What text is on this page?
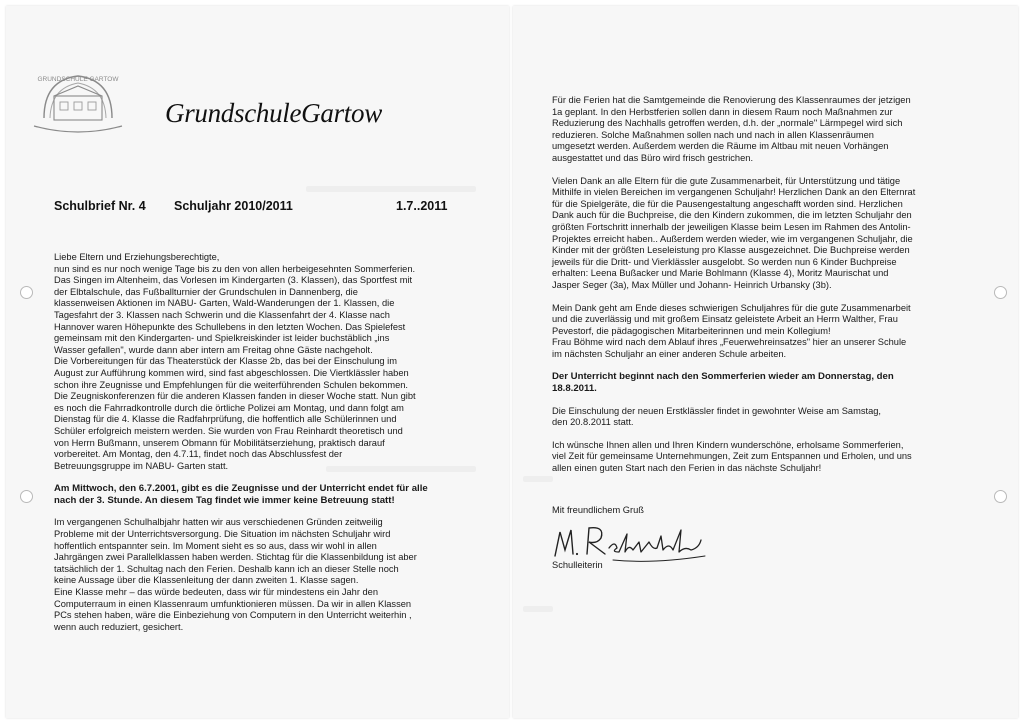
GRUNDSCHULE GARTOW
GrundschuleGartow
Schulbrief Nr. 4 Schuljahr 2010/2011	1.7..2011

Liebe Eltern und Erziehungsberechtigte,
nun sind es nur noch wenige Tage bis zu den von allen herbeigesehnten Sommerferien.
Das Singen im Altenheim, das Vorlesen im Kindergarten (3. Klassen), das Sportfest mit
der Elbtalschule, das Fußballturnier der Grundschulen in Dannenberg, die
klassenweisen Aktionen im NABU- Garten, Wald-Wanderungen der 1. Klassen, die
Tagesfahrt der 3. Klassen nach Schwerin und die Klassenfahrt der 4. Klasse nach
Hannover waren Höhepunkte des Schullebens in den letzten Wochen. Das Spielefest
gemeinsam mit den Kindergarten- und Spielkreiskinder ist leider buchstäblich „ins
Wasser gefallen", wurde dann aber intern am Freitag ohne Gäste nachgeholt.
Die Vorbereitungen für das Theaterstück der Klasse 2b, das bei der Einschulung im
August zur Aufführung kommen wird, sind fast abgeschlossen. Die Viertklässler haben
schon ihre Zeugnisse und Empfehlungen für die weiterführenden Schulen bekommen.
Die Zeugniskonferenzen für die anderen Klassen fanden in dieser Woche statt. Nun gibt
es noch die Fahrradkontrolle durch die örtliche Polizei am Montag, und dann folgt am
Dienstag für die 4. Klasse die Radfahrprüfung, die hoffentlich alle Schülerinnen und
Schüler erfolgreich meistern werden. Sie wurden von Frau Reinhardt theoretisch und
von Herrn Bußmann, unserem Obmann für Mobilitätserziehung, praktisch darauf
vorbereitet. Am Montag, den 4.7.11, findet noch das Abschlussfest der
Betreuungsgruppe im NABU- Garten statt.

Am Mittwoch, den 6.7.2001, gibt es die Zeugnisse und der Unterricht endet für alle
nach der 3. Stunde. An diesem Tag findet wie immer keine Betreuung statt!

Im vergangenen Schulhalbjahr hatten wir aus verschiedenen Gründen zeitweilig
Probleme mit der Unterrichtsversorgung. Die Situation im nächsten Schuljahr wird
hoffentlich entspannter sein. Im Moment sieht es so aus, dass wir wohl in allen
Jahrgängen zwei Parallelklassen haben werden. Stichtag für die Klassenbildung ist aber
tatsächlich der 1. Schultag nach den Ferien. Deshalb kann ich an dieser Stelle noch
keine Aussage über die Klassenleitung der dann zweiten 1. Klasse sagen.
Eine Klasse mehr – das würde bedeuten, dass wir für mindestens ein Jahr den
Computerraum in einen Klassenraum umfunktionieren müssen. Da wir in allen Klassen
PCs stehen haben, wäre die Einbeziehung von Computern in den Unterricht weiterhin ,
wenn auch reduziert, gesichert.

Für die Ferien hat die Samtgemeinde die Renovierung des Klassenraumes der jetzigen
1a geplant. In den Herbstferien sollen dann in diesem Raum noch Maßnahmen zur
Reduzierung des Nachhalls getroffen werden, d.h. der „normale" Lärmpegel wird sich
reduzieren. Solche Maßnahmen sollen nach und nach in allen Klassenräumen
umgesetzt werden. Außerdem werden die Räume im Altbau mit neuen Vorhängen
ausgestattet und das Büro wird frisch gestrichen.

Vielen Dank an alle Eltern für die gute Zusammenarbeit, für Unterstützung und tätige
Mithilfe in vielen Bereichen im vergangenen Schuljahr! Herzlichen Dank an den Elternrat
für die Spielgeräte, die für die Pausengestaltung angeschafft worden sind. Herzlichen
Dank auch für die Buchpreise, die den Kindern zukommen, die im letzten Schuljahr den
größten Fortschritt innerhalb der jeweiligen Klasse beim Lesen im Rahmen des Antolin-
Projektes erreicht haben.. Außerdem werden wieder, wie im vergangenen Schuljahr, die
Kinder mit der größten Leseleistung pro Klasse ausgezeichnet. Die Buchpreise werden
jeweils für die Dritt- und Vierklässler ausgelobt. So werden nun 6 Kinder Buchpreise
erhalten: Leena Bußacker und Marie Bohlmann (Klasse 4), Moritz Maurischat und
Jasper Seger (3a), Max Müller und Johann- Heinrich Urbansky (3b).

Mein Dank geht am Ende dieses schwierigen Schuljahres für die gute Zusammenarbeit
und die zuverlässig und mit großem Einsatz geleistete Arbeit an Herrn Walther, Frau
Pevestorf, die pädagogischen Mitarbeiterinnen und mein Kollegium!
Frau Böhme wird nach dem Ablauf ihres „Feuerwehreinsatzes" hier an unserer Schule
im nächsten Schuljahr an einer anderen Schule arbeiten.

Der Unterricht beginnt nach den Sommerferien wieder am Donnerstag, den
18.8.2011.

Die Einschulung der neuen Erstklässler findet in gewohnter Weise am Samstag,
den 20.8.2011 statt.

Ich wünsche Ihnen allen und Ihren Kindern wunderschöne, erholsame Sommerferien,
viel Zeit für gemeinsame Unternehmungen, Zeit zum Entspannen und Erholen, und uns
allen einen guten Start nach den Ferien in das nächste Schuljahr!

Mit freundlichem Gruß
M. Rehwinkel
Schulleiterin
